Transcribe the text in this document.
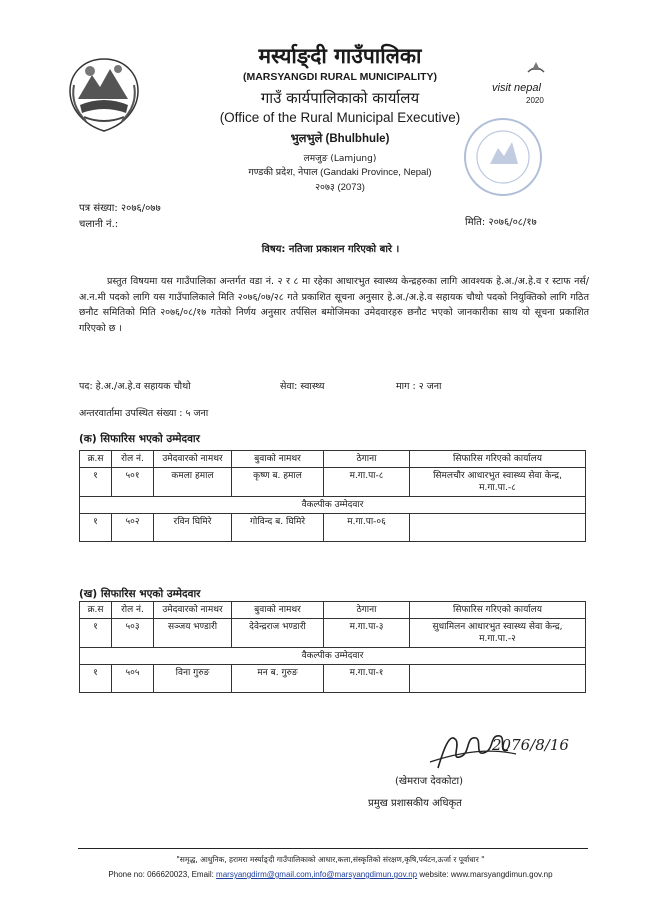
मर्स्याङ्दी गाउँपालिका
(MARSYANGDI RURAL MUNICIPALITY)
गाउँ कार्यपालिकाको कार्यालय
(Office of the Rural Municipal Executive)
भुलभुले (Bhulbhule)
लमजुङ (Lamjung)
गण्डकी प्रदेश, नेपाल (Gandaki Province, Nepal)
२०७३ (2073)
visit nepal
2020
पत्र संख्या: २०७६/०७७
चलानी नं.:	मिति: २०७६/०८/१७
विषय: नतिजा प्रकाशन गरिएको बारे ।
प्रस्तुत विषयमा यस गाउँपालिका अन्तर्गत वडा नं. २ र ८ मा रहेका आधारभुत स्वास्थ्य केन्द्रहरुका लागि आवश्यक हे.अ./अ.हे.व र स्टाफ नर्स/अ.न.मी पदको लागि यस गाउँपालिकाले मिति २०७६/०७/२८ गते प्रकाशित सूचना अनुसार हे.अ./अ.हे.व सहायक चौथो पदको नियुक्तिको लागि गठित छनौट समितिको मिति २०७६/०८/१७ गतेको निर्णय अनुसार तर्पसिल बमोजिमका उमेदवारहरु छनौट भएको जानकारीका साथ यो सूचना प्रकाशित गरिएको छ ।
पद: हे.अ./अ.हे.व सहायक चौथो	सेवा: स्वास्थ्य	माग : २ जना
अन्तरवार्तामा उपस्थित संख्या : ५ जना
(क) सिफारिस भएको उम्मेदवार
क्र.स	रोल नं.	उमेदवारको नामथर	बुवाको नामथर	ठेगाना	सिफारिस गरिएको कार्यालय
१	५०१	कमला हमाल	कृष्ण ब. हमाल	म.गा.पा-८	सिमलचौर आधारभुत स्वास्थ्य सेवा केन्द्र, म.गा.पा.-८
वैकल्पीक उम्मेदवार					
१	५०२	रविन घिमिरे	गोविन्द ब. घिमिरे	म.गा.पा-०६	
(ख) सिफारिस भएको उम्मेदवार
क्र.स	रोल नं.	उमेदवारको नामथर	बुवाको नामथर	ठेगाना	सिफारिस गरिएको कार्यालय
१	५०३	सञ्जय भण्डारी	देवेन्द्रराज भण्डारी	म.गा.पा-३	सुधामिलन आधारभुत स्वास्थ्य सेवा केन्द्र, म.गा.पा.-२
वैकल्पीक उम्मेदवार					
१	५०५	विना गुरुङ	मन ब. गुरुङ	म.गा.पा-१	
2076/8/16
(खेमराज देवकोटा)
प्रमुख प्रशासकीय अधिकृत
"समृद्ध, आधुनिक, हरामरा मर्स्याङ्दी गाउँपालिकाको आधार,कला,संस्कृतिको संरक्षण,कृषि,पर्यटन,ऊर्जा र पूर्वाधार "
Phone no: 066620023, Email: marsyangdirm@gmail.com,info@marsyangdimun.gov.np website: www.marsyangdimun.gov.np
